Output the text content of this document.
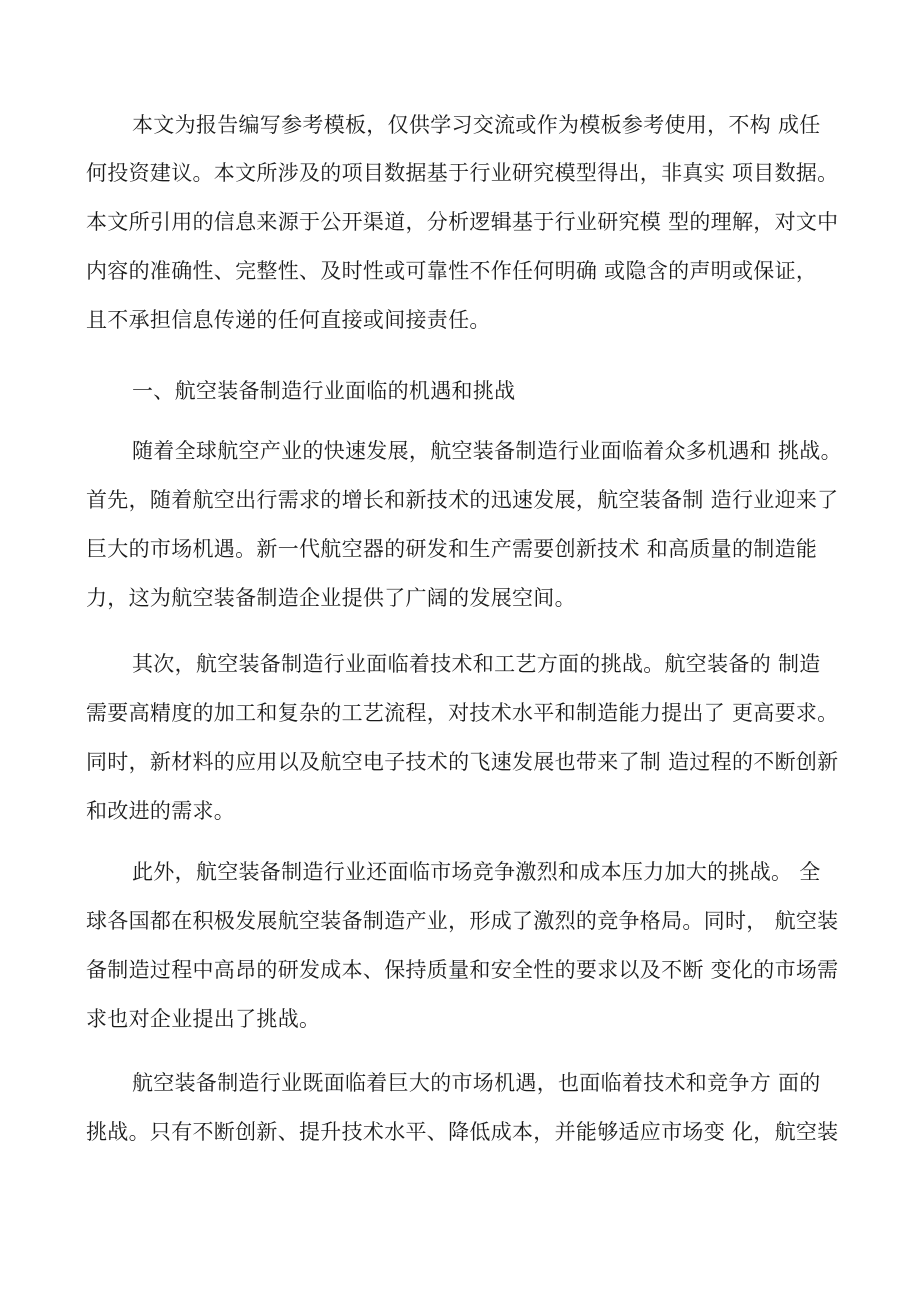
本文为报告编写参考模板，仅供学习交流或作为模板参考使用，不构 成任

何投资建议。本文所涉及的项目数据基于行业研究模型得出，非真实 项目数据。

本文所引用的信息来源于公开渠道，分析逻辑基于行业研究模 型的理解，对文中

内容的准确性、完整性、及时性或可靠性不作任何明确 或隐含的声明或保证，

且不承担信息传递的任何直接或间接责任。

一、航空装备制造行业面临的机遇和挑战

随着全球航空产业的快速发展，航空装备制造行业面临着众多机遇和 挑战。

首先，随着航空出行需求的增长和新技术的迅速发展，航空装备制 造行业迎来了

巨大的市场机遇。新一代航空器的研发和生产需要创新技术 和高质量的制造能

力，这为航空装备制造企业提供了广阔的发展空间。

其次，航空装备制造行业面临着技术和工艺方面的挑战。航空装备的 制造

需要高精度的加工和复杂的工艺流程，对技术水平和制造能力提出了 更高要求。

同时，新材料的应用以及航空电子技术的飞速发展也带来了制 造过程的不断创新

和改进的需求。

此外，航空装备制造行业还面临市场竞争激烈和成本压力加大的挑战。 全

球各国都在积极发展航空装备制造产业，形成了激烈的竞争格局。同时， 航空装

备制造过程中高昂的研发成本、保持质量和安全性的要求以及不断 变化的市场需

求也对企业提出了挑战。

航空装备制造行业既面临着巨大的市场机遇，也面临着技术和竞争方 面的

挑战。只有不断创新、提升技术水平、降低成本，并能够适应市场变 化，航空装
